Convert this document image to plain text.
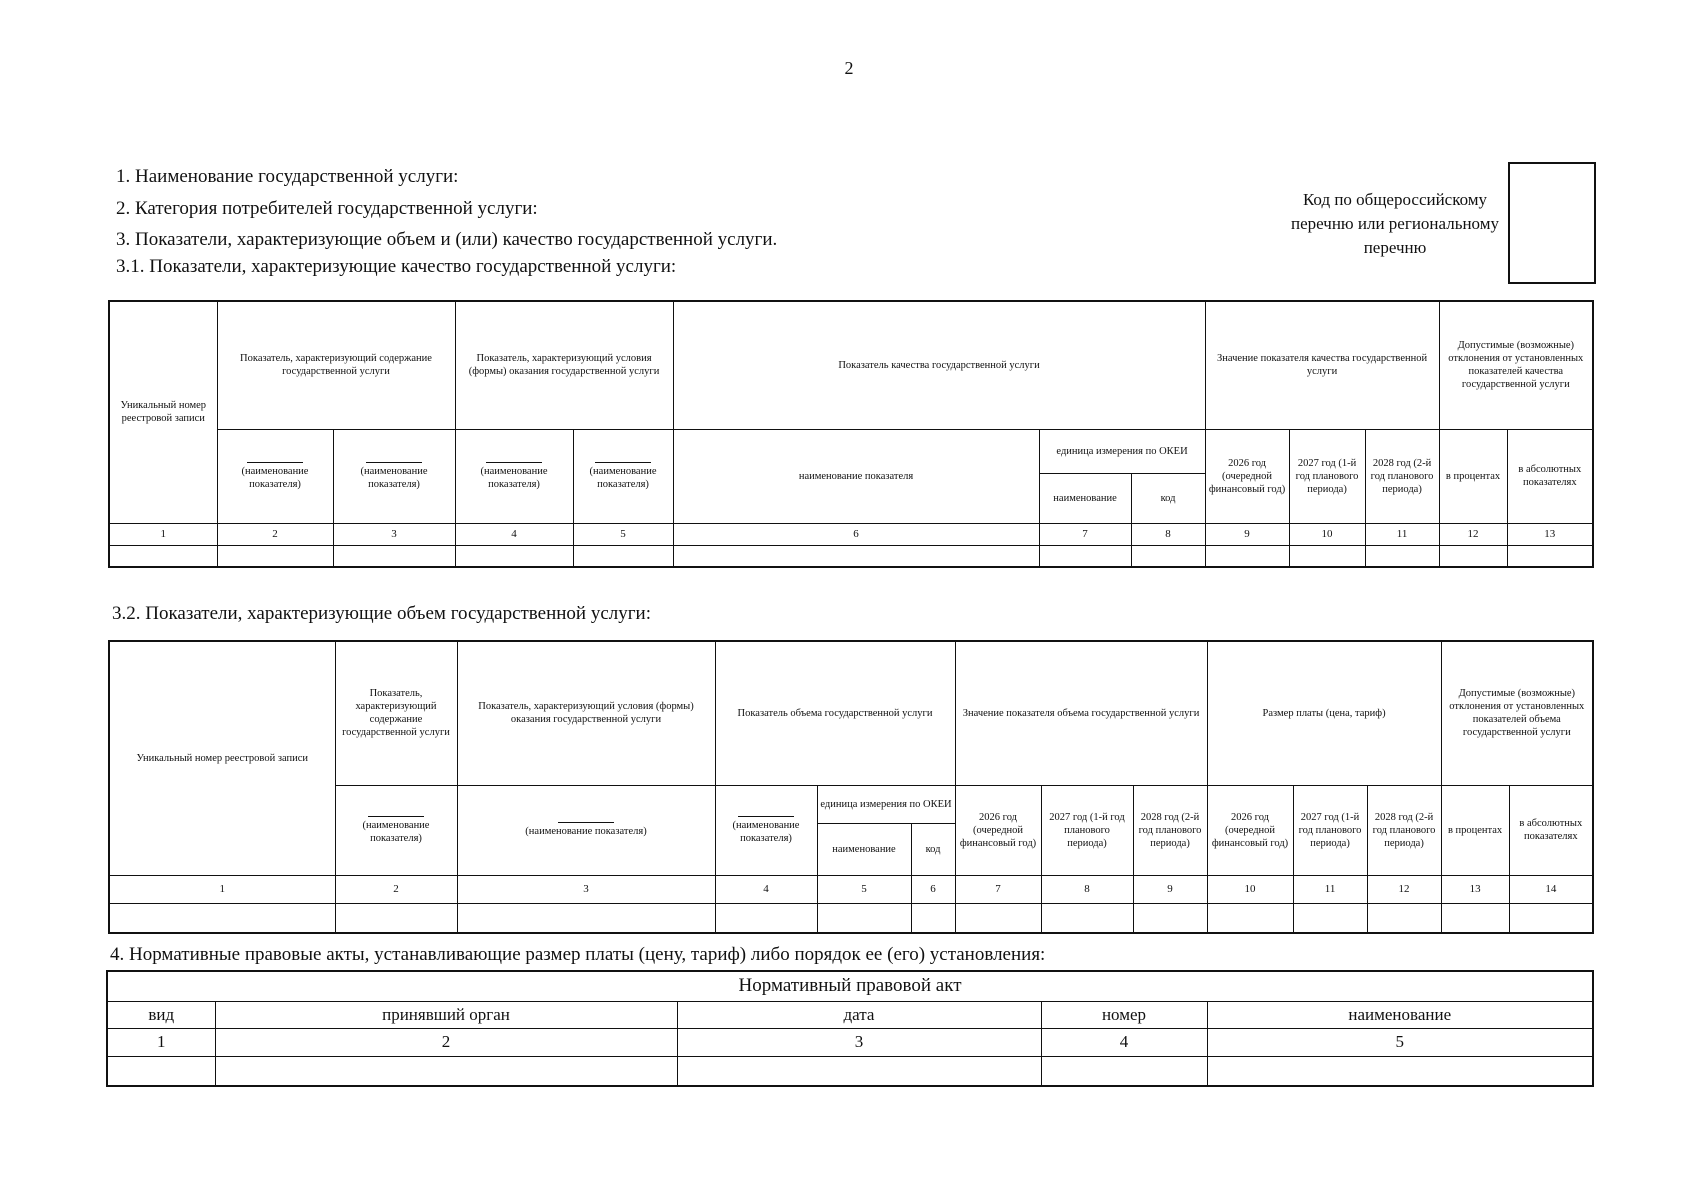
2
1. Наименование государственной услуги:
2. Категория потребителей государственной услуги:
3. Показатели, характеризующие объем и (или) качество государственной услуги.
3.1. Показатели, характеризующие качество государственной услуги:
Код по общероссийскому перечню или региональному перечню
Уникальный номер реестровой записи	Показатель, характеризующий содержание государственной услуги		Показатель, характеризующий условия (формы) оказания государственной услуги		Показатель качества государственной услуги			Значение показателя качества государственной услуги			Допустимые (возможные) отклонения от установленных показателей качества государственной услуги	

(наименование показателя)	(наименование показателя)	(наименование показателя)	(наименование показателя)	наименование показателя	единица измерения по ОКЕИ		2026 год (очередной финансовый год)	2027 год (1-й год планового периода)	2028 год (2-й год планового периода)	в процентах	в абсолютных показателях
						наименование	код					
1	2	3	4	5	6	7	8	9	10	11	12	13

3.2. Показатели, характеризующие объем государственной услуги:
Уникальный номер реестровой записи	Показатель, характеризующий содержание государственной услуги	Показатель, характеризующий условия (формы) оказания государственной услуги	Показатель объема государственной услуги			Значение показателя объема государственной услуги			Размер платы (цена, тариф)			Допустимые (возможные) отклонения от установленных показателей объема государственной услуги	

(наименование показателя)	(наименование показателя)	(наименование показателя)	единица измерения по ОКЕИ		2026 год (очередной финансовый год)	2027 год (1-й год планового периода)	2028 год (2-й год планового периода)	2026 год (очередной финансовый год)	2027 год (1-й год планового периода)	2028 год (2-й год планового периода)	в процентах	в абсолютных показателях
				наименование	код								
1	2	3	4	5	6	7	8	9	10	11	12	13	14

4. Нормативные правовые акты, устанавливающие размер платы (цену, тариф) либо порядок ее (его) установления:
Нормативный правовой акт				
вид	принявший орган	дата	номер	наименование
1	2	3	4	5
